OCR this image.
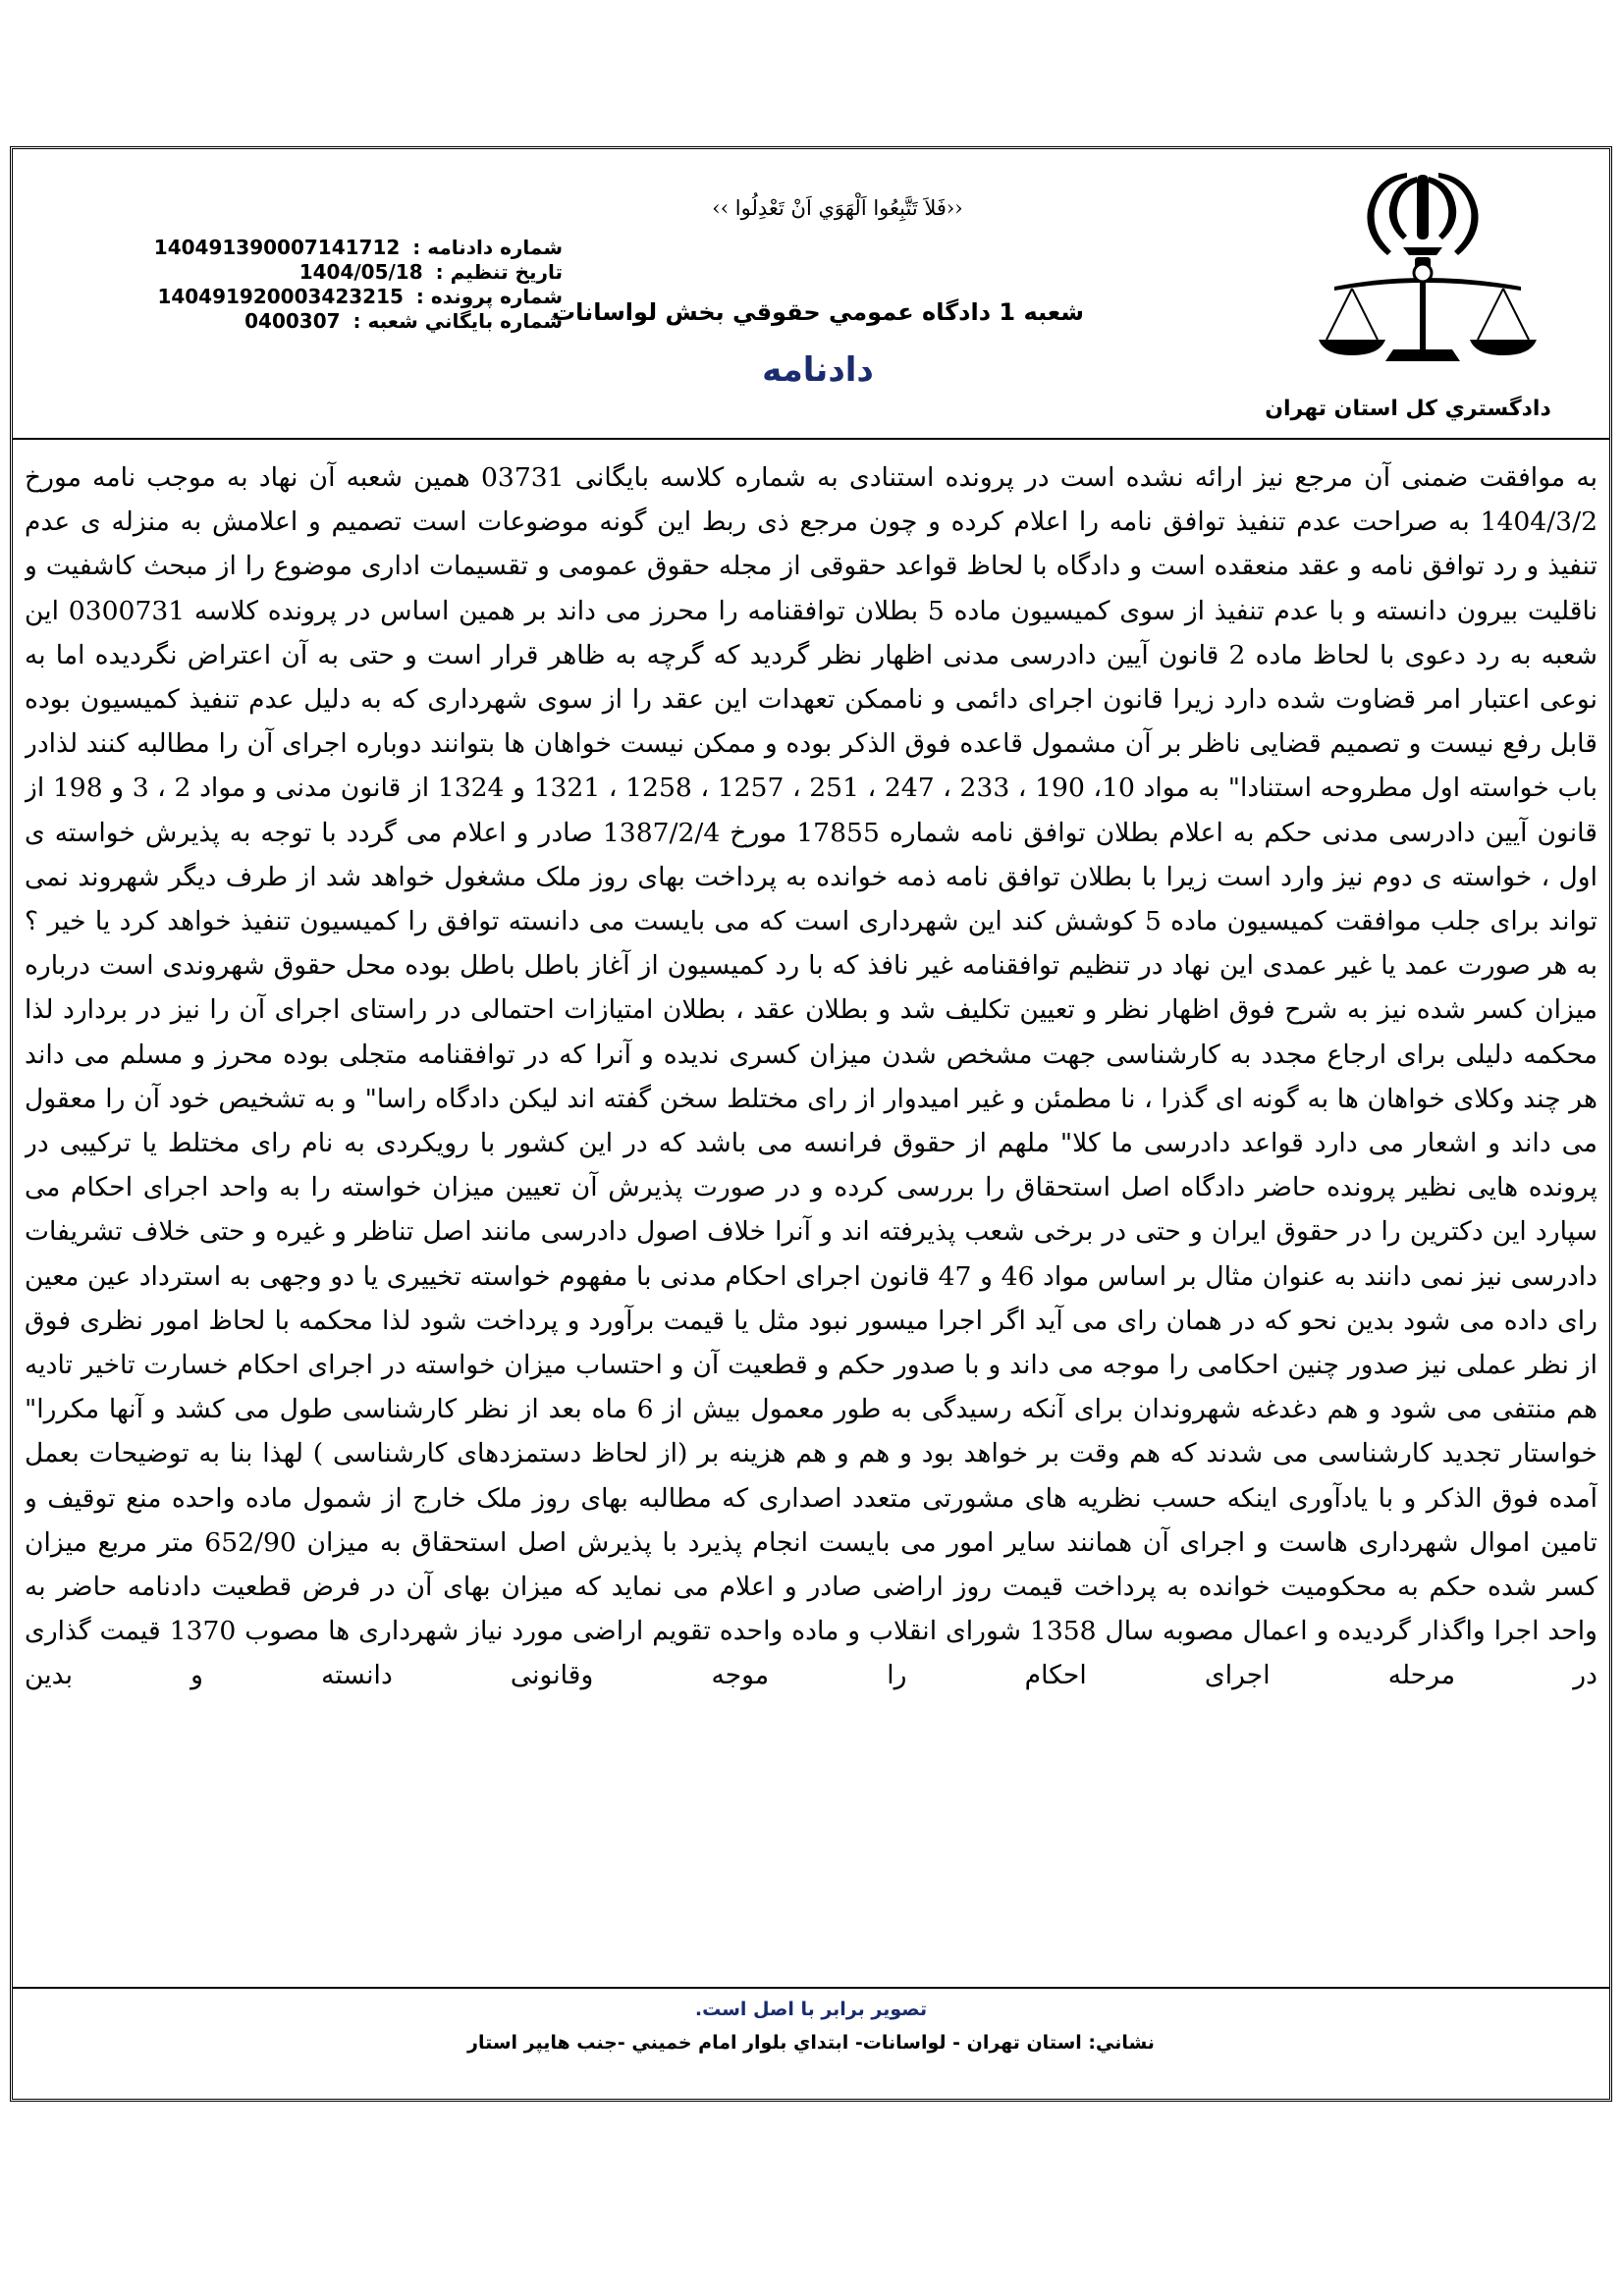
دادگستري كل استان تهران
‹‹فَلاَ تَتَّبِعُوا اَلْهَوَي اَنْ تَعْدِلُوا ››
شعبه 1 دادگاه عمومي حقوقي بخش لواسانات
دادنامه
شماره دادنامه : 140491390007141712
تاریخ تنظیم : 1404/05/18
شماره پرونده : 140491920003423215
شماره بايگاني شعبه : 0400307

به موافقت ضمنی آن مرجع نیز ارائه نشده است در پرونده استنادی به شماره کلاسه بایگانی 03731 همین شعبه آن نهاد به موجب نامه مورخ 1404/3/2 به صراحت عدم تنفیذ توافق نامه را اعلام کرده و چون مرجع ذی ربط این گونه موضوعات است تصمیم و اعلامش به منزله ی عدم تنفیذ و رد توافق نامه و عقد منعقده است و دادگاه با لحاظ قواعد حقوقی از مجله حقوق عمومی و تقسیمات اداری موضوع را از مبحث کاشفیت و ناقلیت بیرون دانسته و با عدم تنفیذ از سوی کمیسیون ماده 5 بطلان توافقنامه را محرز می داند بر همین اساس در پرونده کلاسه 0300731 این شعبه به رد دعوی با لحاظ ماده 2 قانون آیین دادرسی مدنی اظهار نظر گردید که گرچه به ظاهر قرار است و حتی به آن اعتراض نگردیده اما به نوعی اعتبار امر قضاوت شده دارد زیرا قانون اجرای دائمی و ناممکن تعهدات این عقد را از سوی شهرداری که به دلیل عدم تنفیذ کمیسیون بوده قابل رفع نیست و تصمیم قضایی ناظر بر آن مشمول قاعده فوق الذکر بوده و ممکن نیست خواهان ها بتوانند دوباره اجرای آن را مطالبه کنند لذادر باب خواسته اول مطروحه استنادا" به مواد 10، 190 ، 233 ، 247 ، 251 ، 1257 ، 1258 ، 1321 و 1324 از قانون مدنی و مواد 2 ، 3 و 198 از قانون آیین دادرسی مدنی حکم به اعلام بطلان توافق نامه شماره 17855 مورخ 1387/2/4 صادر و اعلام می گردد با توجه به پذیرش خواسته ی اول ، خواسته ی دوم نیز وارد است زیرا با بطلان توافق نامه ذمه خوانده به پرداخت بهای روز ملک مشغول خواهد شد از طرف دیگر شهروند نمی تواند برای جلب موافقت کمیسیون ماده 5 کوشش کند این شهرداری است که می بایست می دانسته توافق را کمیسیون تنفیذ خواهد کرد یا خیر ؟ به هر صورت عمد یا غیر عمدی این نهاد در تنظیم توافقنامه غیر نافذ که با رد کمیسیون از آغاز باطل باطل بوده محل حقوق شهروندی است درباره میزان کسر شده نیز به شرح فوق اظهار نظر و تعیین تکلیف شد و بطلان عقد ، بطلان امتیازات احتمالی در راستای اجرای آن را نیز در بردارد لذا محکمه دلیلی برای ارجاع مجدد به کارشناسی جهت مشخص شدن میزان کسری ندیده و آنرا که در توافقنامه متجلی بوده محرز و مسلم می داند هر چند وکلای خواهان ها به گونه ای گذرا ، نا مطمئن و غیر امیدوار از رای مختلط سخن گفته اند لیکن دادگاه راسا" و به تشخیص خود آن را معقول می داند و اشعار می دارد قواعد دادرسی ما کلا" ملهم از حقوق فرانسه می باشد که در این کشور با رویکردی به نام رای مختلط یا ترکیبی در پرونده هایی نظیر پرونده حاضر دادگاه اصل استحقاق را بررسی کرده و در صورت پذیرش آن تعیین میزان خواسته را به واحد اجرای احکام می سپارد این دکترین را در حقوق ایران و حتی در برخی شعب پذیرفته اند و آنرا خلاف اصول دادرسی مانند اصل تناظر و غیره و حتی خلاف تشریفات دادرسی نیز نمی دانند به عنوان مثال بر اساس مواد 46 و 47 قانون اجرای احکام مدنی با مفهوم خواسته تخییری یا دو وجهی به استرداد عین معین رای داده می شود بدین نحو که در همان رای می آید اگر اجرا میسور نبود مثل یا قیمت برآورد و پرداخت شود لذا محکمه با لحاظ امور نظری فوق از نظر عملی نیز صدور چنین احکامی را موجه می داند و با صدور حکم و قطعیت آن و احتساب میزان خواسته در اجرای احکام خسارت تاخیر تادیه هم منتفی می شود و هم دغدغه شهروندان برای آنکه رسیدگی به طور معمول بیش از 6 ماه بعد از نظر کارشناسی طول می کشد و آنها مکررا" خواستار تجدید کارشناسی می شدند که هم وقت بر خواهد بود و هم و هم هزینه بر (از لحاظ دستمزدهای کارشناسی ) لهذا بنا به توضیحات بعمل آمده فوق الذکر و با یادآوری اینکه حسب نظریه های مشورتی متعدد اصداری که مطالبه بهای روز ملک خارج از شمول ماده واحده منع توقیف و تامین اموال شهرداری هاست و اجرای آن همانند سایر امور می بایست انجام پذیرد با پذیرش اصل استحقاق به میزان 652/90 متر مربع میزان کسر شده حکم به محکومیت خوانده به پرداخت قیمت روز اراضی صادر و اعلام می نماید که میزان بهای آن در فرض قطعیت دادنامه حاضر به واحد اجرا واگذار گردیده و اعمال مصوبه سال 1358 شورای انقلاب و ماده واحده تقویم اراضی مورد نیاز شهرداری ها مصوب 1370 قیمت گذاری در مرحله اجرای احکام را موجه وقانونی دانسته و بدین

تصوير برابر با اصل است.
نشاني: استان تهران - لواسانات- ابتداي بلوار امام خميني -جنب هايپر استار
